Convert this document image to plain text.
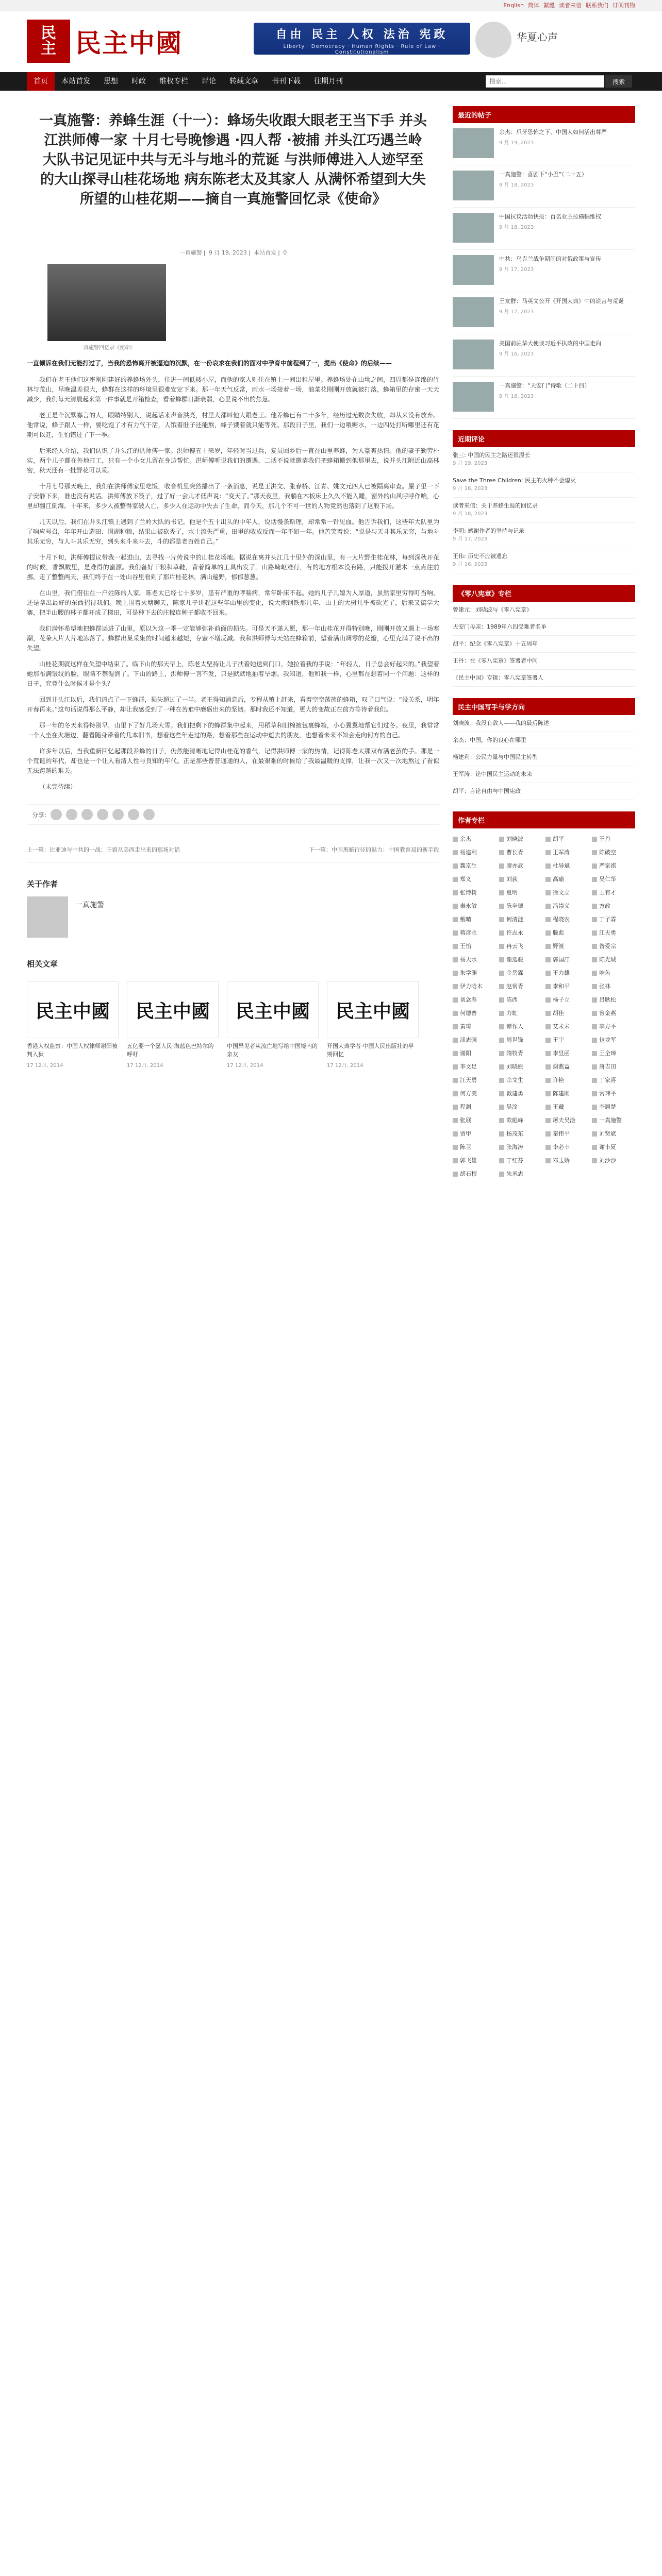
English 简体 繁體 读者来信 联系我们 订阅刊物
民
主 民主中國	自由 民主 人权 法治 宪政
Liberty · Democracy · Human Rights · Rule of Law · Constitutionalism
华夏心声
首页	本站首发	思想	时政	维权专栏	评论	转载文章	书刊下载	往期月刊
搜索...	搜索
一真施警：养蜂生涯（十一）：蜂场失收跟大眼老王当下手 并头江洪师傅一家 十月七号晚惨遇 ·四人帮 ·被捕 并头江巧遇兰岭大队书记见证中共与无斗与地斗的荒诞 与洪师傅进入人迹罕至的大山探寻山桂花场地 病东陈老太及其家人 从满怀希望到大失所望的山桂花期——摘自一真施警回忆录《使命》
一真施警 | 9 月 19, 2023 | 本站首发 | 0
一真施警回忆录《使命》

一直倾诉在我们无能打过了，当我的恐怖离开被逼迫的沉默，在一份哀求在我们的面对中孕育中前程到了一，提出《使命》的后续——

我们在老王他们这座刚刚建好的养蜂场外头，住进一间低矮小屋，而他的家人则住在镇上一间出租屋里。养蜂场处在山坳之间，四周都是连绵的竹林与荒山，早晚温差很大，蜂群在这样的环境里很难安定下来。那一年天气反常，雨水一场接着一场，油菜花刚刚开放就被打落，蜂箱里的存蜜一天天减少，我们每天清晨起来第一件事就是开箱检查，看着蜂群日渐衰弱，心里说不出的焦急。

老王是个沉默寡言的人，眼睛特别大，说起话来声音洪亮，村里人都叫他大眼老王。他养蜂已有二十多年，经历过无数次失收，却从来没有放弃。他常说，蜂子跟人一样，要吃饱了才有力气干活，人饿着肚子还能熬，蜂子饿着就只能等死。那段日子里，我们一边喂糖水，一边四处打听哪里还有花期可以赶，生怕错过了下一季。

后来经人介绍，我们认识了并头江的洪师傅一家。洪师傅五十来岁，年轻时当过兵，复员回乡后一直在山里养蜂，为人豪爽热情。他的妻子勤劳朴实，两个儿子都在外地打工，只有一个小女儿留在身边帮忙。洪师傅听说我们的遭遇，二话不说就邀请我们把蜂箱搬到他那里去，说并头江附近山高林密，秋天还有一批野花可以采。

十月七号那天晚上，我们在洪师傅家里吃饭，收音机里突然播出了一条消息，说是王洪文、张春桥、江青、姚文元四人已被隔离审查。屋子里一下子安静下来，谁也没有说话。洪师傅放下筷子，过了好一会儿才低声说：“变天了。”那天夜里，我躺在木板床上久久不能入睡，窗外的山风呼呼作响，心里却翻江倒海。十年来，多少人被整得家破人亡，多少人在运动中失去了生命，而今天，那几个不可一世的人物竟然也落到了这般下场。

几天以后，我们在并头江镇上遇到了兰岭大队的书记。他是个五十出头的中年人，说话慢条斯理，却常常一针见血。他告诉我们，这些年大队里为了响应号召，年年开山造田、围湖种粮，结果山被砍秃了，水土流失严重，田里的收成反而一年不如一年。他苦笑着说：“说是与天斗其乐无穷，与地斗其乐无穷，与人斗其乐无穷，到头来斗来斗去，斗的都是老百姓自己。”

十月下旬，洪师傅提议带我一起进山，去寻找一片传说中的山桂花场地。据说在离并头江几十里外的深山里，有一大片野生桂花林，每到深秋开花的时候，香飘数里，是难得的蜜源。我们备好干粮和草鞋，背着简单的工具出发了。山路崎岖难行，有的地方根本没有路，只能拨开灌木一点点往前挪。走了整整两天，我们终于在一处山谷里看到了那片桂花林，满山遍野，郁郁葱葱。

在山里，我们借住在一户姓陈的人家。陈老太已经七十多岁，患有严重的哮喘病，常年卧床不起。她的儿子儿媳为人厚道，虽然家里穷得叮当响，还是拿出最好的东西招待我们。晚上围着火塘聊天，陈家儿子讲起这些年山里的变化，说大炼钢铁那几年，山上的大树几乎被砍光了，后来又搞学大寨，把半山腰的林子都开成了梯田，可是种下去的庄稼连种子都收不回来。

我们满怀希望地把蜂群运进了山里，原以为这一季一定能够弥补前面的损失。可是天不遂人愿，那一年山桂花开得特别晚，刚刚开放又遇上一场寒潮，花朵大片大片地冻落了。蜂群出巢采集的时间越来越短，存蜜不增反减。我和洪师傅每天站在蜂箱前，望着满山凋零的花瓣，心里充满了说不出的失望。

山桂花期就这样在失望中结束了。临下山的那天早上，陈老太坚持让儿子扶着她送到门口，她拉着我的手说：“年轻人，日子总会好起来的。”我望着她那布满皱纹的脸，眼睛不禁湿润了。下山的路上，洪师傅一言不发，只是默默地抽着旱烟。我知道，他和我一样，心里都在想着同一个问题：这样的日子，究竟什么时候才是个头？

回到并头江以后，我们清点了一下蜂群，损失超过了一半。老王得知消息后，专程从镇上赶来，看着空空荡荡的蜂箱，叹了口气说：“没关系，明年开春再来。”这句话说得那么平静，却让我感受到了一种在苦难中磨砺出来的坚韧。那时我还不知道，更大的变故正在前方等待着我们。

那一年的冬天来得特别早，山里下了好几场大雪。我们把剩下的蜂群集中起来，用稻草和旧棉被包裹蜂箱，小心翼翼地帮它们过冬。夜里，我常常一个人坐在火塘边，翻看随身带着的几本旧书，想着这些年走过的路，想着那些在运动中逝去的朋友，也想着未来不知会走向何方的自己。

许多年以后，当我重新回忆起那段养蜂的日子，仍然能清晰地记得山桂花的香气，记得洪师傅一家的热情，记得陈老太那双布满老茧的手。那是一个荒诞的年代，却也是一个让人看清人性与良知的年代。正是那些普普通通的人，在最艰难的时候给了我最温暖的支撑，让我一次又一次地熬过了看似无法跨越的难关。

（未完待续）

分享:
上一篇：比亚迪与中共的一战：王毅从美西走出来的那场对话	下一篇：中国黑暗行径的魅力：中国教育局的新手段
关于作者
一真施警
相关文章
民主中國
香港人权监察：中国人权律师谢阳被判入狱
17 12月, 2014
民主中國
五亿婴一个愿人民·海蓝色巴特尔的呼吁
17 12月, 2014
民主中國
中国异见者从流亡地写给中国境内的亲友
17 12月, 2014
民主中國
开国大典学者·中国人民出版社的早期回忆
17 12月, 2014
最近的帖子
余杰：爪牙恐怖之下，中国人如何活出尊严
9 月 19, 2023
一真施警：喜剧下“小丑”（二十五）
9 月 18, 2023
中国抗议活动快报：百名业主拉横幅维权
9 月 18, 2023
中共：乌克兰战争期间的对俄政策与宣传
9 月 17, 2023
王友群：马英文公开《开国大典》中的谎言与荒诞
9 月 17, 2023
美国前驻华大使谈习近平执政的中国走向
9 月 16, 2023
一真施警：“天安门”诗歌（二十四）
9 月 16, 2023
近期评论
张三: 中国的民主之路还很漫长
9 月 19, 2023
Save the Three Children: 民主的火种不会熄灭
9 月 18, 2023
读者来信：关于养蜂生涯的回忆录
9 月 18, 2023
李明: 感谢作者的坚持与记录
9 月 17, 2023
王伟: 历史不应被遗忘
9 月 16, 2023
《零八宪章》专栏
曾建元：刘晓波与《零八宪章》
天安门母亲：1989年六四受难者名单
胡平：纪念《零八宪章》十五周年
王丹：在《零八宪章》签署者中间
《民主中国》专辑：零八宪章签署人
民主中国写手与学方向
刘晓波：我没有敌人——我的最后陈述
余杰：中国，你的良心在哪里
杨建利：公民力量与中国民主转型
王军涛：论中国民主运动的未来
胡平：言论自由与中国宪政
作者专栏
余杰	刘晓波	胡平	王丹
杨建利	曹长青	王军涛	陈破空
魏京生	廖亦武	杜导斌	严家祺
郑义	刘荻	高瑜	吴仁华
张博树	夏明	徐文立	王有才
秦永敏	陈奎德	冯崇义	方政
戴晴	何清涟	程晓农	丁子霖
蒋彦永	许志永	滕彪	江天勇
王怡	冉云飞	野渡	昝爱宗
杨天水	谢选骏	郭国汀	陈光诚
朱学渊	金岳霖	王力雄	唯色
伊力哈木	赵常青	李和平	张林
刘念春	陈西	杨子立	吕耿松
何德普	力虹	胡佳	曾金燕
黄琦	谭作人	艾未未	李方平
浦志强	周世锋	王宇	包龙军
谢阳	隋牧青	李昱函	王全璋
李文足	刘晓原	谢燕益	唐吉田
江天勇	余文生	许艳	丁家喜
何方美	戴建勇	陈建刚	常玮平
程渊	吴淦	王藏	李翘楚
张展	欧彪峰	屠夫吴淦	一真施警
贾甲	杨茂东	秦伟平	刘贤斌
陈卫	张海涛	李必丰	谢丰夏
郭飞雄	丁红芬	邓玉娇	刘沙沙
胡石根	朱承志
